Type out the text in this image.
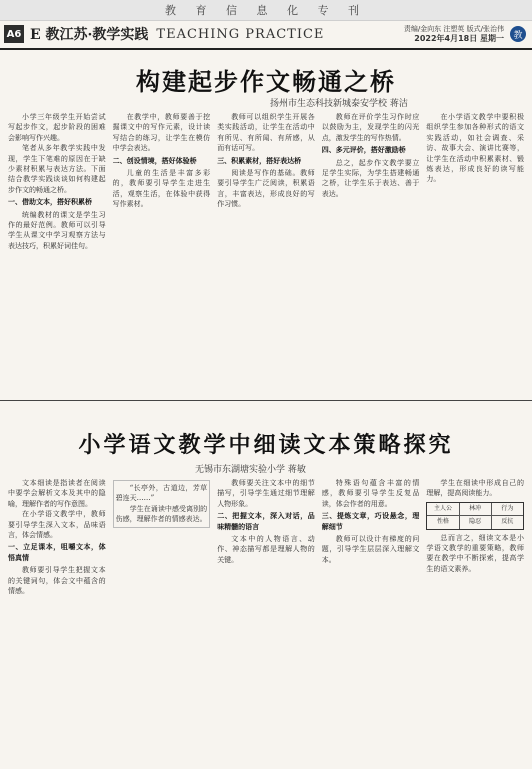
教 育 信 息 化 专 刊
A6 E 教江苏·教学实践 TEACHING PRACTICE	责编/金向东 注塑英 版式/张治伟
2022年4月18日 星期一	教
构建起步作文畅通之桥
扬州市生态科技新城泰安学校 蒋洁

小学三年级学生开始尝试写起步作文，起步阶段的困难会影响写作兴趣。

笔者从多年教学实践中发现，学生下笔难的原因在于缺少素材积累与表达方法。下面结合教学实践谈谈如何构建起步作文的畅通之桥。

一、借助文本，搭好积累桥

统编教材的课文是学生习作的最好范例。教师可以引导学生从课文中学习观察方法与表达技巧，积累好词佳句。

在教学中，教师要善于挖掘课文中的写作元素，设计读写结合的练习，让学生在模仿中学会表达。

二、创设情境，搭好体验桥

儿童的生活是丰富多彩的，教师要引导学生走进生活，观察生活，在体验中获得写作素材。

教师可以组织学生开展各类实践活动，让学生在活动中有所见、有所闻、有所感，从而有话可写。

三、积累素材，搭好表达桥

阅读是写作的基础。教师要引导学生广泛阅读，积累语言，丰富表达，形成良好的写作习惯。

教师在评价学生习作时应以鼓励为主，发现学生的闪光点，激发学生的写作热情。

四、多元评价，搭好激励桥

总之，起步作文教学要立足学生实际，为学生搭建畅通之桥，让学生乐于表达、善于表达。

在小学语文教学中要积极组织学生参加各种形式的语文实践活动，如社会调查、采访、故事大会、演讲比赛等，让学生在活动中积累素材、锻炼表达，形成良好的读写能力。

小学语文教学中细读文本策略探究
无锡市东湖塘实验小学 蒋敏

文本细读是指读者在阅读中要学会解析文本及其中的隐喻，理解作者的写作意图。

在小学语文教学中，教师要引导学生深入文本，品味语言，体会情感。

一、立足课本，咀嚼文本，体悟真情

教师要引导学生把握文本的关键词句，体会文中蕴含的情感。

“长亭外，古道边，芳草碧连天……”

学生在诵读中感受离别的伤感，理解作者的情感表达。

教师要关注文本中的细节描写，引导学生通过细节理解人物形象。

二、把握文本，深入对话，品味精髓的语言

文本中的人物语言、动作、神态描写都是理解人物的关键。

特殊语句蕴含丰富的情感，教师要引导学生反复品读，体会作者的用意。

三、提炼文章，巧设悬念，理解细节

教师可以设计有梯度的问题，引导学生层层深入理解文本。

学生在细读中形成自己的理解，提高阅读能力。

主人公	林冲	行为
性格	隐忍	反抗

总而言之，细读文本是小学语文教学的重要策略，教师要在教学中不断探索，提高学生的语文素养。
